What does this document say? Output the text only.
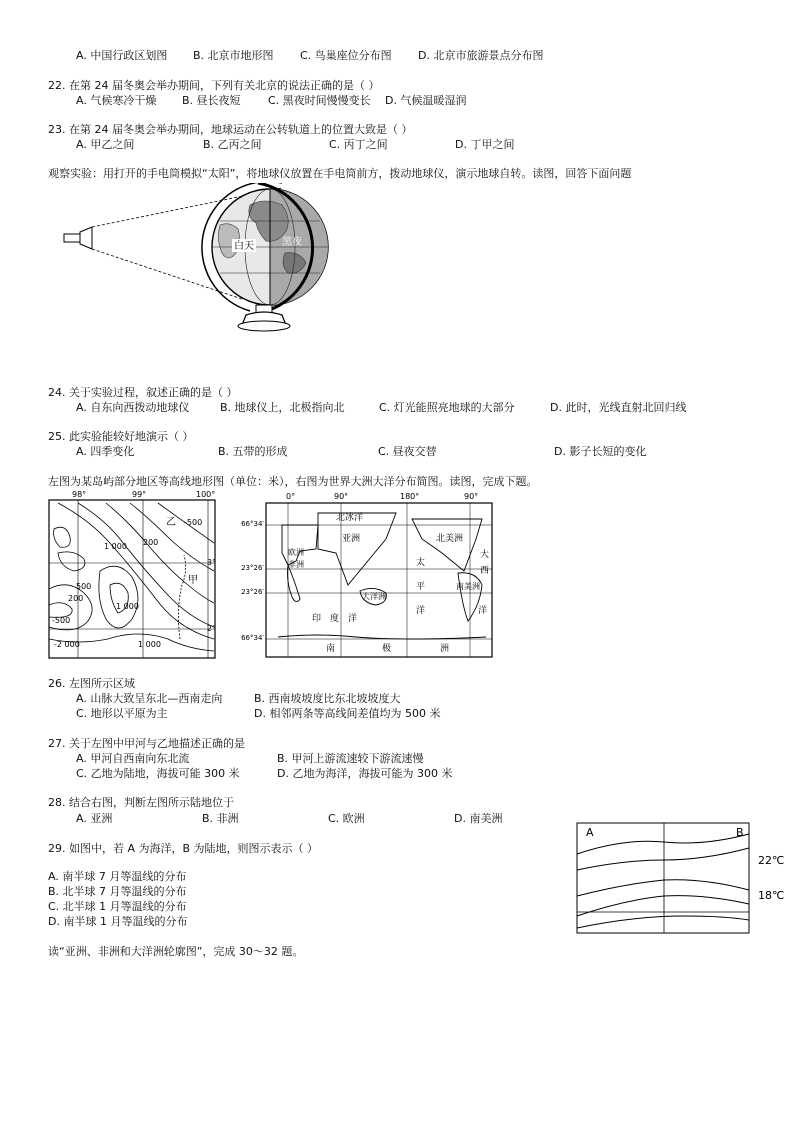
A. 中国行政区划图 B. 北京市地形图 C. 鸟巢座位分布图 D. 北京市旅游景点分布图
22. 在第 24 届冬奥会举办期间，下列有关北京的说法正确的是（ ）
A. 气候寒冷干燥 B. 昼长夜短 C. 黑夜时间慢慢变长 D. 气候温暖湿润
23. 在第 24 届冬奥会举办期间，地球运动在公转轨道上的位置大致是（ ）
A. 甲乙之间	B. 乙丙之间	C. 丙丁之间	D. 丁甲之间
观察实验：用打开的手电筒模拟“太阳”，将地球仪放置在手电筒前方，拨动地球仪，演示地球自转。读图，回答下面问题
白天	黑夜
24. 关于实验过程，叙述正确的是（ ）
A. 自东向西拨动地球仪	B. 地球仪上，北极指向北	C. 灯光能照亮地球的大部分	D. 此时，光线直射北回归线
25. 此实验能较好地演示（ ）
A. 四季变化	B. 五带的形成	C. 昼夜交替	D. 影子长短的变化
左图为某岛屿部分地区等高线地形图（单位：米），右图为世界大洲大洋分布简图。读图，完成下题。
98°	99°	100°
乙 -500
1 000 200
500
200
1 000
甲
-500
-2 000	1 000
3°
2°
0°	90°	180°	90°
北冰洋
亚洲	北美洲
欧洲
非洲	太
大
西
平	南美洲
大洋洲
洋	洋
印 度 洋
南	极	洲
66°34′
23°26′
23°26′
66°34′
26. 左图所示区域
A. 山脉大致呈东北—西南走向	B. 西南坡坡度比东北坡坡度大
C. 地形以平原为主	D. 相邻两条等高线间差值均为 500 米
27. 关于左图中甲河与乙地描述正确的是
A. 甲河自西南向东北流	B. 甲河上游流速较下游流速慢
C. 乙地为陆地，海拔可能 300 米	D. 乙地为海洋，海拔可能为 300 米
28. 结合右图，判断左图所示陆地位于
A. 亚洲	B. 非洲	C. 欧洲	D. 南美洲
29. 如图中，若 A 为海洋，B 为陆地，则图示表示（ ）
A. 南半球 7 月等温线的分布
B. 北半球 7 月等温线的分布
C. 北半球 1 月等温线的分布
D. 南半球 1 月等温线的分布
A	B
22℃
18℃
读“亚洲、非洲和大洋洲轮廓图”，完成 30～32 题。
